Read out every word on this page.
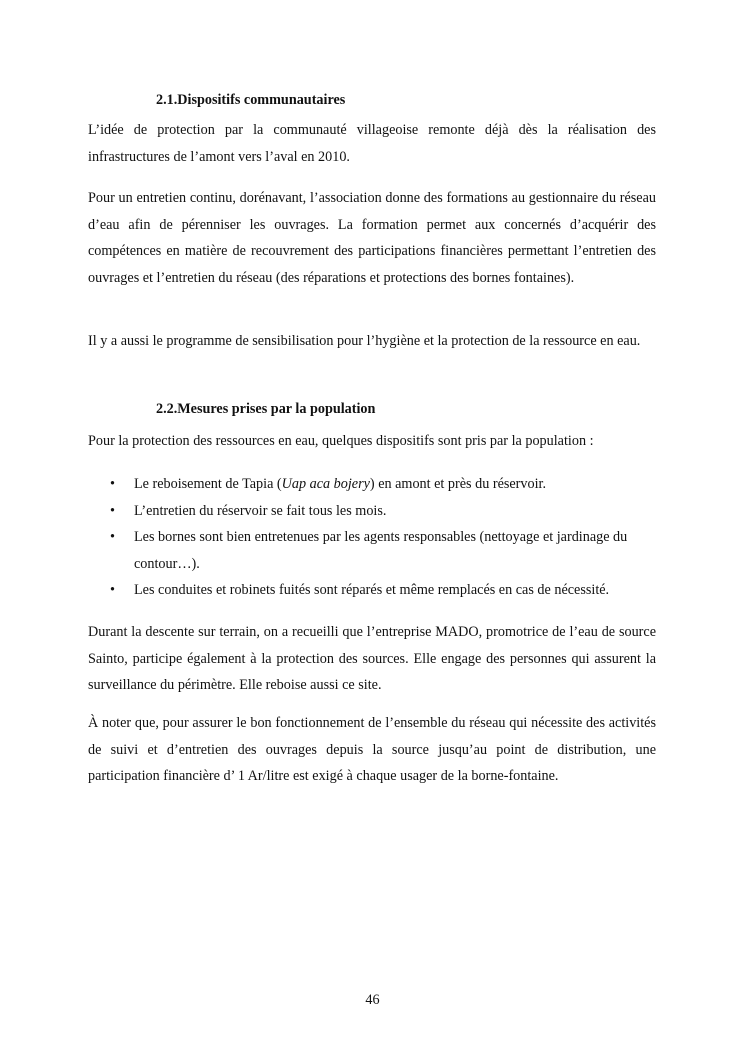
2.1.Dispositifs communautaires

L’idée de protection par la communauté villageoise remonte déjà dès la réalisation des infrastructures de l’amont vers l’aval en 2010.

Pour un entretien continu, dorénavant, l’association donne des formations au gestionnaire du réseau d’eau afin de pérenniser les ouvrages. La formation permet aux concernés d’acquérir des compétences en matière de recouvrement des participations financières permettant l’entretien des ouvrages et l’entretien du réseau (des réparations et protections des bornes fontaines).

Il y a aussi le programme de sensibilisation pour l’hygiène et la protection de la ressource en eau.

2.2.Mesures prises par la population

Pour la protection des ressources en eau, quelques dispositifs sont pris par la population :

• Le reboisement de Tapia (Uap aca bojery) en amont et près du réservoir.
• L’entretien du réservoir se fait tous les mois.
• Les bornes sont bien entretenues par les agents responsables (nettoyage et jardinage du contour…).
• Les conduites et robinets fuités sont réparés et même remplacés en cas de nécessité.

Durant la descente sur terrain, on a recueilli que l’entreprise MADO, promotrice de l’eau de source Sainto, participe également à la protection des sources. Elle engage des personnes qui assurent la surveillance du périmètre. Elle reboise aussi ce site.

À noter que, pour assurer le bon fonctionnement de l’ensemble du réseau qui nécessite des activités de suivi et d’entretien des ouvrages depuis la source jusqu’au point de distribution, une participation financière d’ 1 Ar/litre est exigé à chaque usager de la borne-fontaine.

46
